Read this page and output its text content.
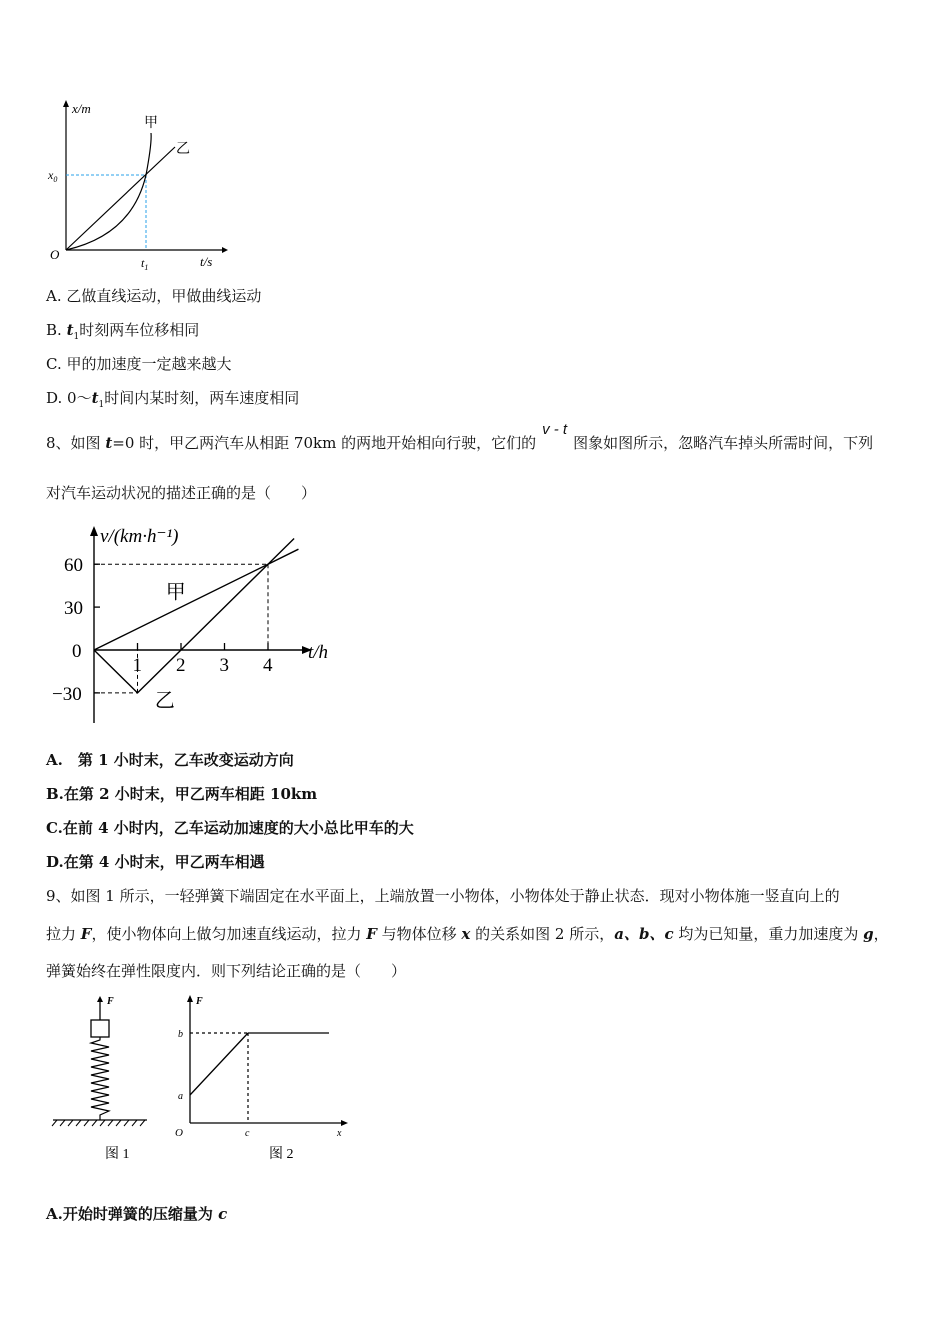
x/m
t/s
O
$x_0$
$t_1$
甲
乙
A. 乙做直线运动，甲做曲线运动
B. $t_1$时刻两车位移相同
C. 甲的加速度一定越来越大
D. $0\sim t_1$时间内某时刻，两车速度相同
8、如图 t=0 时，甲乙两汽车从相距 70km 的两地开始相向行驶，它们的v - t图象如图所示，忽略汽车掉头所需时间，下列
对汽车运动状况的描述正确的是（　　）
v/(km·h⁻¹)
t/h
1 2 3 4
60
30
0
−30
甲
乙
A.　第 1 小时末，乙车改变运动方向
B.在第 2 小时末，甲乙两车相距 10km
C.在前 4 小时内，乙车运动加速度的大小总比甲车的大
D.在第 4 小时末，甲乙两车相遇
9、如图 1 所示，一轻弹簧下端固定在水平面上，上端放置一小物体，小物体处于静止状态．现对小物体施一竖直向上的
拉力 F，使小物体向上做匀加速直线运动，拉力 F 与物体位移 x 的关系如图 2 所示，a、b、c 均为已知量，重力加速度为 g，
弹簧始终在弹性限度内．则下列结论正确的是（　　）
F
图 1
F
x
O
b
a
c
图 2
A.开始时弹簧的压缩量为 c
